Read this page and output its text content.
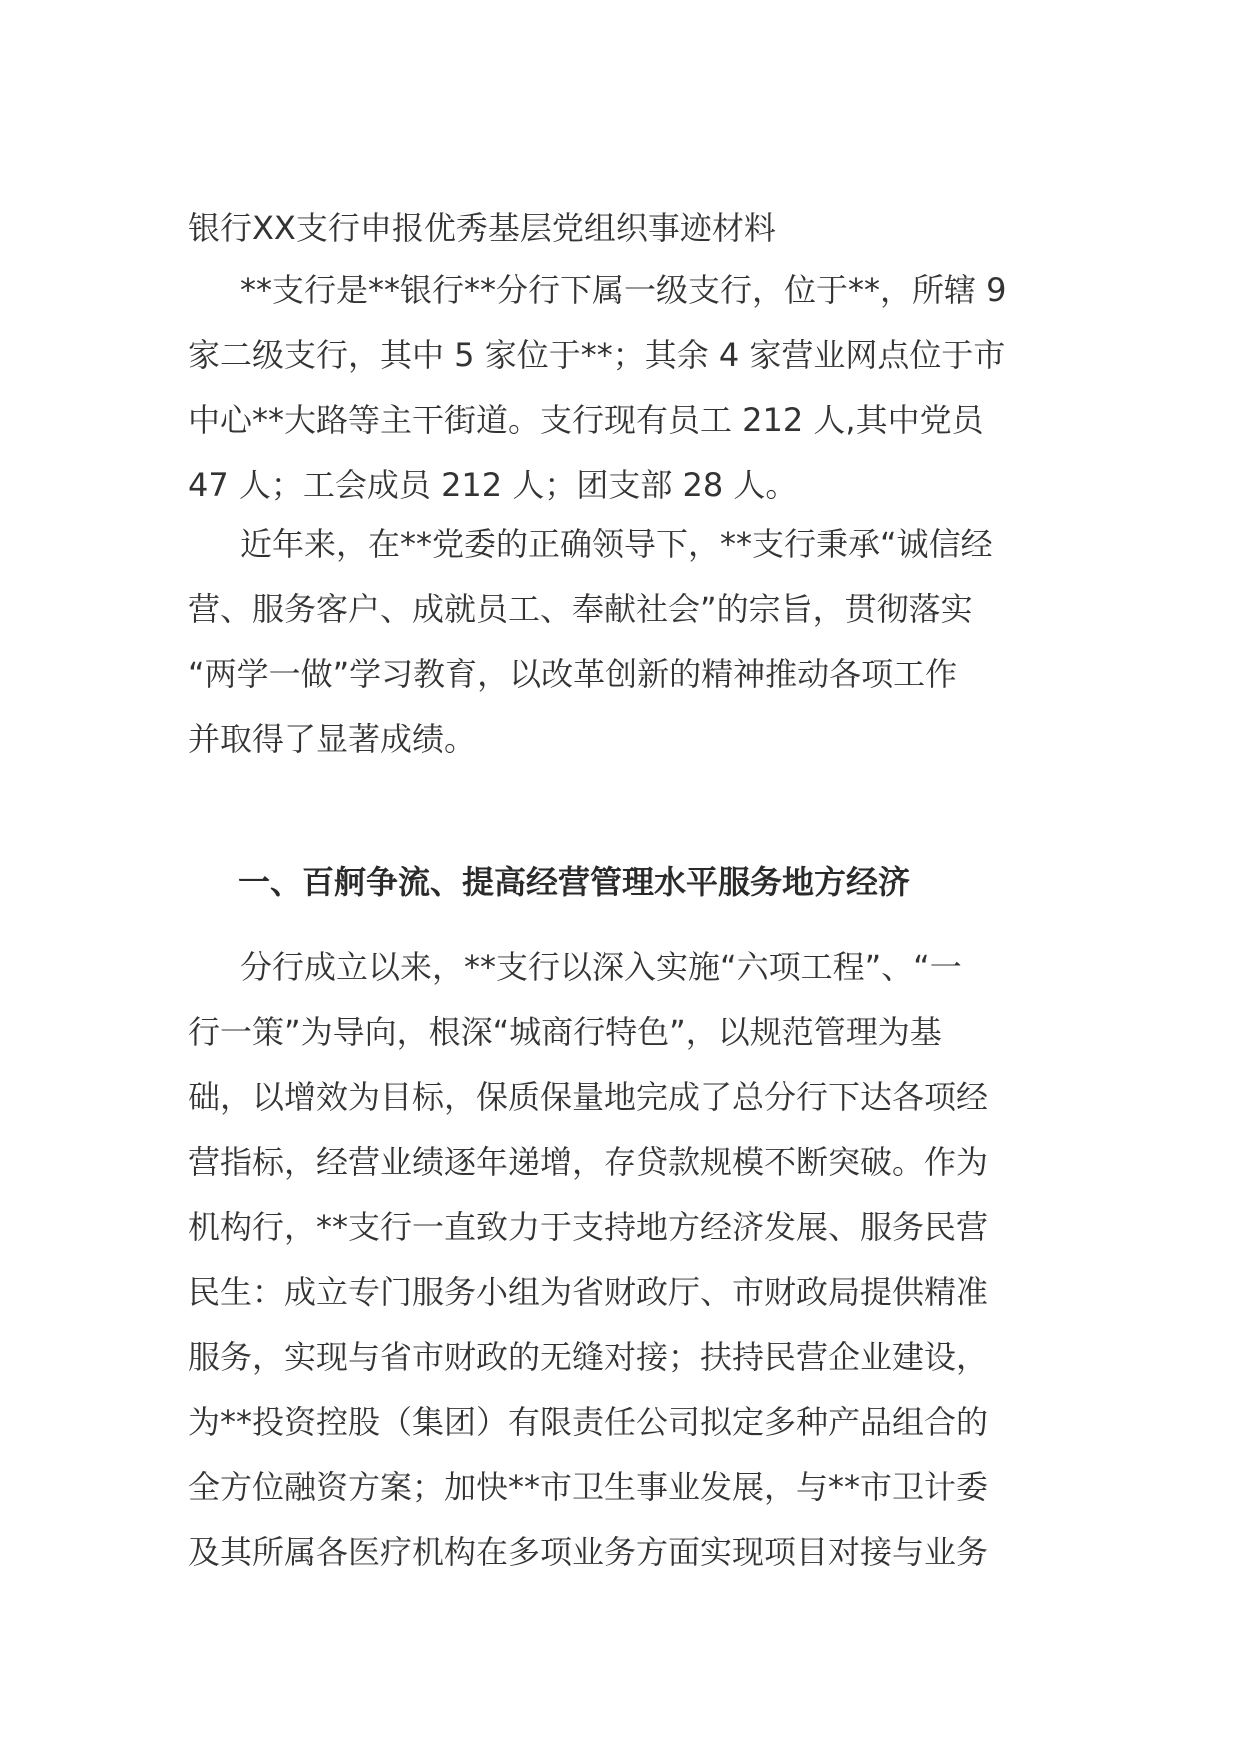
银行XX支行申报优秀基层党组织事迹材料

**支行是**银行**分行下属一级支行，位于**，所辖 9
家二级支行，其中 5 家位于**；其余 4 家营业网点位于市
中心**大路等主干街道。支行现有员工 212 人,其中党员
47 人；工会成员 212 人；团支部 28 人。

近年来，在**党委的正确领导下，**支行秉承“诚信经
营、服务客户、成就员工、奉献社会”的宗旨，贯彻落实
“两学一做”学习教育，以改革创新的精神推动各项工作
并取得了显著成绩。

一、百舸争流、提高经营管理水平服务地方经济

分行成立以来，**支行以深入实施“六项工程”、“一
行一策”为导向，根深“城商行特色”，以规范管理为基
础，以增效为目标，保质保量地完成了总分行下达各项经
营指标，经营业绩逐年递增，存贷款规模不断突破。作为
机构行，**支行一直致力于支持地方经济发展、服务民营
民生：成立专门服务小组为省财政厅、市财政局提供精准
服务，实现与省市财政的无缝对接；扶持民营企业建设，
为**投资控股（集团）有限责任公司拟定多种产品组合的
全方位融资方案；加快**市卫生事业发展，与**市卫计委
及其所属各医疗机构在多项业务方面实现项目对接与业务
